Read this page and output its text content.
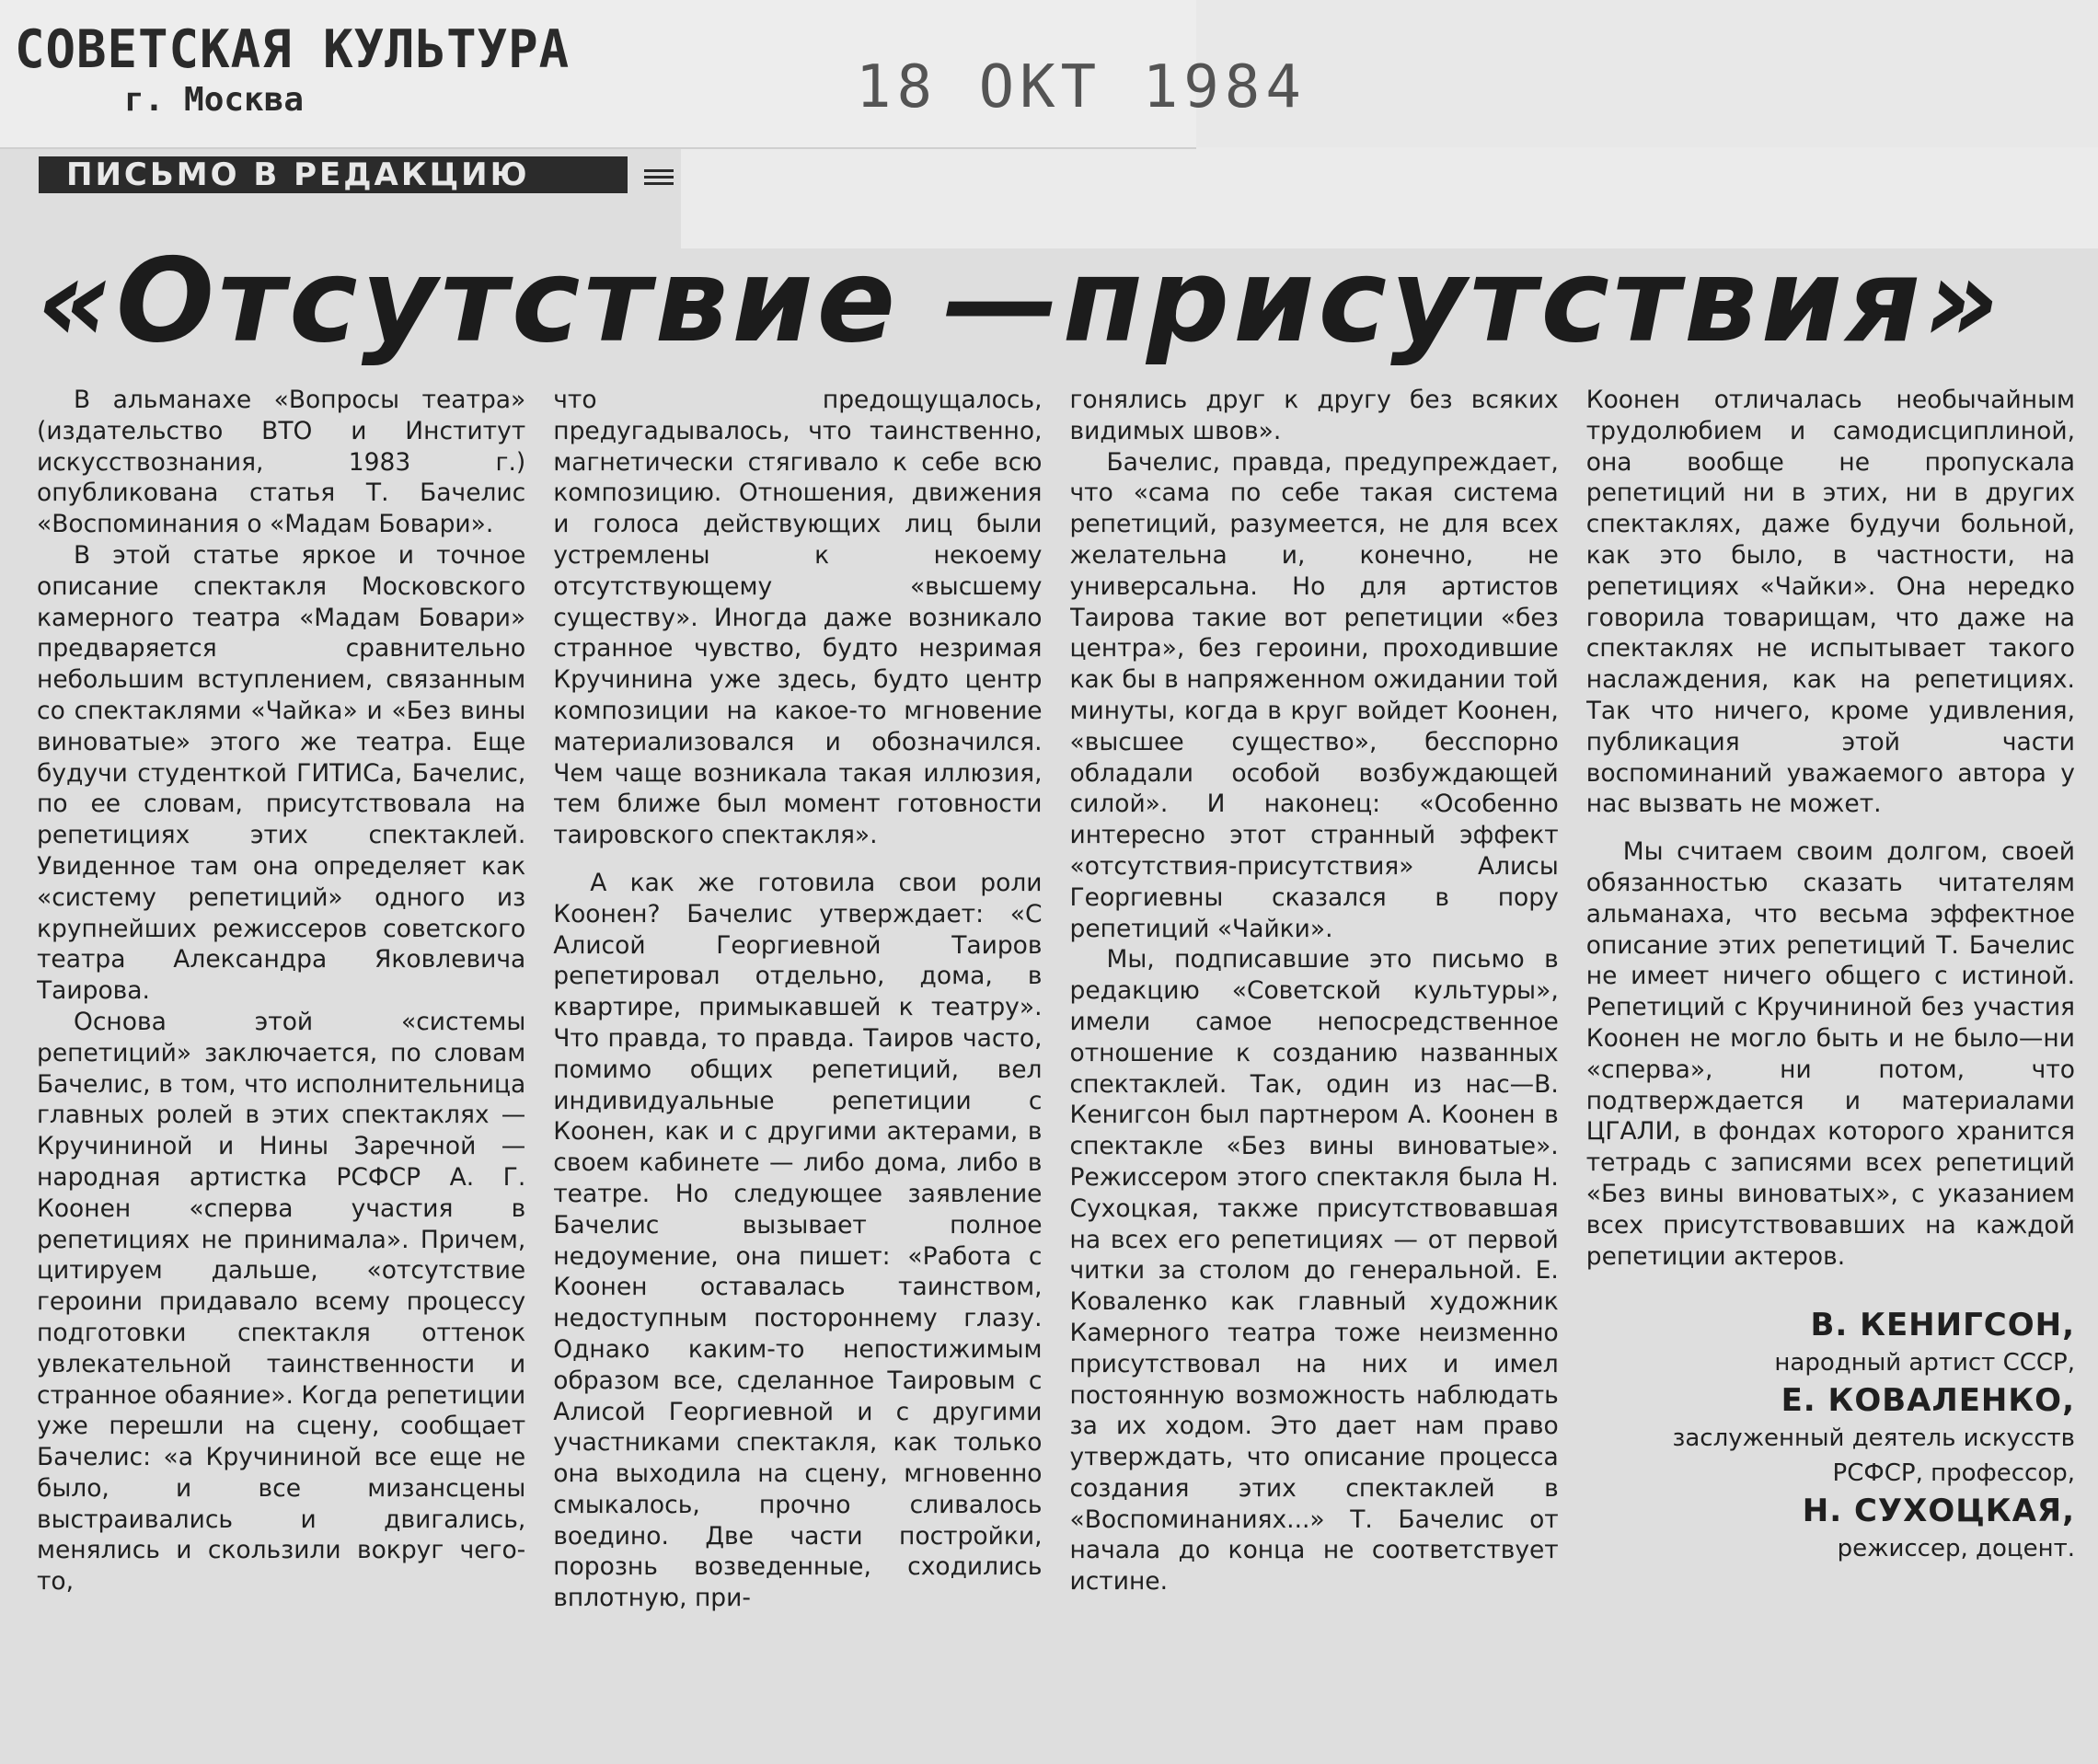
СОВЕТСКАЯ КУЛЬТУРА
г. Москва	18 ОКТ 1984
ПИСЬМО В РЕДАКЦИЮ
«Отсутствие —присутствия»

В альманахе «Вопросы театра» (издательство ВТО и Институт искусствознания, 1983 г.) опубликована статья Т. Бачелис «Воспоминания о «Мадам Бовари».

В этой статье яркое и точное описание спектакля Московского камерного театра «Мадам Бовари» предваряется сравнительно небольшим вступлением, связанным со спектаклями «Чайка» и «Без вины виноватые» этого же театра. Еще будучи студенткой ГИТИСа, Бачелис, по ее словам, присутствовала на репетициях этих спектаклей. Увиденное там она определяет как «систему репетиций» одного из крупнейших режиссеров советского театра Александра Яковлевича Таирова.

Основа этой «системы репетиций» заключается, по словам Бачелис, в том, что исполнительница главных ролей в этих спектаклях — Кручининой и Нины Заречной — народная артистка РСФСР А. Г. Коонен «сперва участия в репетициях не принимала». Причем, цитируем дальше, «отсутствие героини придавало всему процессу подготовки спектакля оттенок увлекательной таинственности и странное обаяние». Когда репетиции уже перешли на сцену, сообщает Бачелис: «а Кручининой все еще не было, и все мизансцены выстраивались и двигались, менялись и скользили вокруг чего-то,

что предощущалось, предугадывалось, что таинственно, магнетически стягивало к себе всю композицию. Отношения, движения и голоса действующих лиц были устремлены к некоему отсутствующему «высшему существу». Иногда даже возникало странное чувство, будто незримая Кручинина уже здесь, будто центр композиции на какое-то мгновение материализовался и обозначился. Чем чаще возникала такая иллюзия, тем ближе был момент готовности таировского спектакля».

А как же готовила свои роли Коонен? Бачелис утверждает: «С Алисой Георгиевной Таиров репетировал отдельно, дома, в квартире, примыкавшей к театру». Что правда, то правда. Таиров часто, помимо общих репетиций, вел индивидуальные репетиции с Коонен, как и с другими актерами, в своем кабинете — либо дома, либо в театре. Но следующее заявление Бачелис вызывает полное недоумение, она пишет: «Работа с Коонен оставалась таинством, недоступным постороннему глазу. Однако каким-то непостижимым образом все, сделанное Таировым с Алисой Георгиевной и с другими участниками спектакля, как только она выходила на сцену, мгновенно смыкалось, прочно сливалось воедино. Две части постройки, порознь возведенные, сходились вплотную, при-

гонялись друг к другу без всяких видимых швов».

Бачелис, правда, предупреждает, что «сама по себе такая система репетиций, разумеется, не для всех желательна и, конечно, не универсальна. Но для артистов Таирова такие вот репетиции «без центра», без героини, проходившие как бы в напряженном ожидании той минуты, когда в круг войдет Коонен, «высшее существо», бесспорно обладали особой возбуждающей силой». И наконец: «Особенно интересно этот странный эффект «отсутствия-присутствия» Алисы Георгиевны сказался в пору репетиций «Чайки».

Мы, подписавшие это письмо в редакцию «Советской культуры», имели самое непосредственное отношение к созданию названных спектаклей. Так, один из нас—В. Кенигсон был партнером А. Коонен в спектакле «Без вины виноватые». Режиссером этого спектакля была Н. Сухоцкая, также присутствовавшая на всех его репетициях — от первой читки за столом до генеральной. Е. Коваленко как главный художник Камерного театра тоже неизменно присутствовал на них и имел постоянную возможность наблюдать за их ходом. Это дает нам право утверждать, что описание процесса создания этих спектаклей в «Воспоминаниях...» Т. Бачелис от начала до конца не соответствует истине.

Коонен отличалась необычайным трудолюбием и самодисциплиной, она вообще не пропускала репетиций ни в этих, ни в других спектаклях, даже будучи больной, как это было, в частности, на репетициях «Чайки». Она нередко говорила товарищам, что даже на спектаклях не испытывает такого наслаждения, как на репетициях. Так что ничего, кроме удивления, публикация этой части воспоминаний уважаемого автора у нас вызвать не может.

Мы считаем своим долгом, своей обязанностью сказать читателям альманаха, что весьма эффектное описание этих репетиций Т. Бачелис не имеет ничего общего с истиной. Репетиций с Кручининой без участия Коонен не могло быть и не было—ни «сперва», ни потом, что подтверждается и материалами ЦГАЛИ, в фондах которого хранится тетрадь с записями всех репетиций «Без вины виноватых», с указанием всех присутствовавших на каждой репетиции актеров.

В. КЕНИГСОН,
народный артист СССР,
Е. КОВАЛЕНКО,
заслуженный деятель искусств РСФСР, профессор,
Н. СУХОЦКАЯ,
режиссер, доцент.
